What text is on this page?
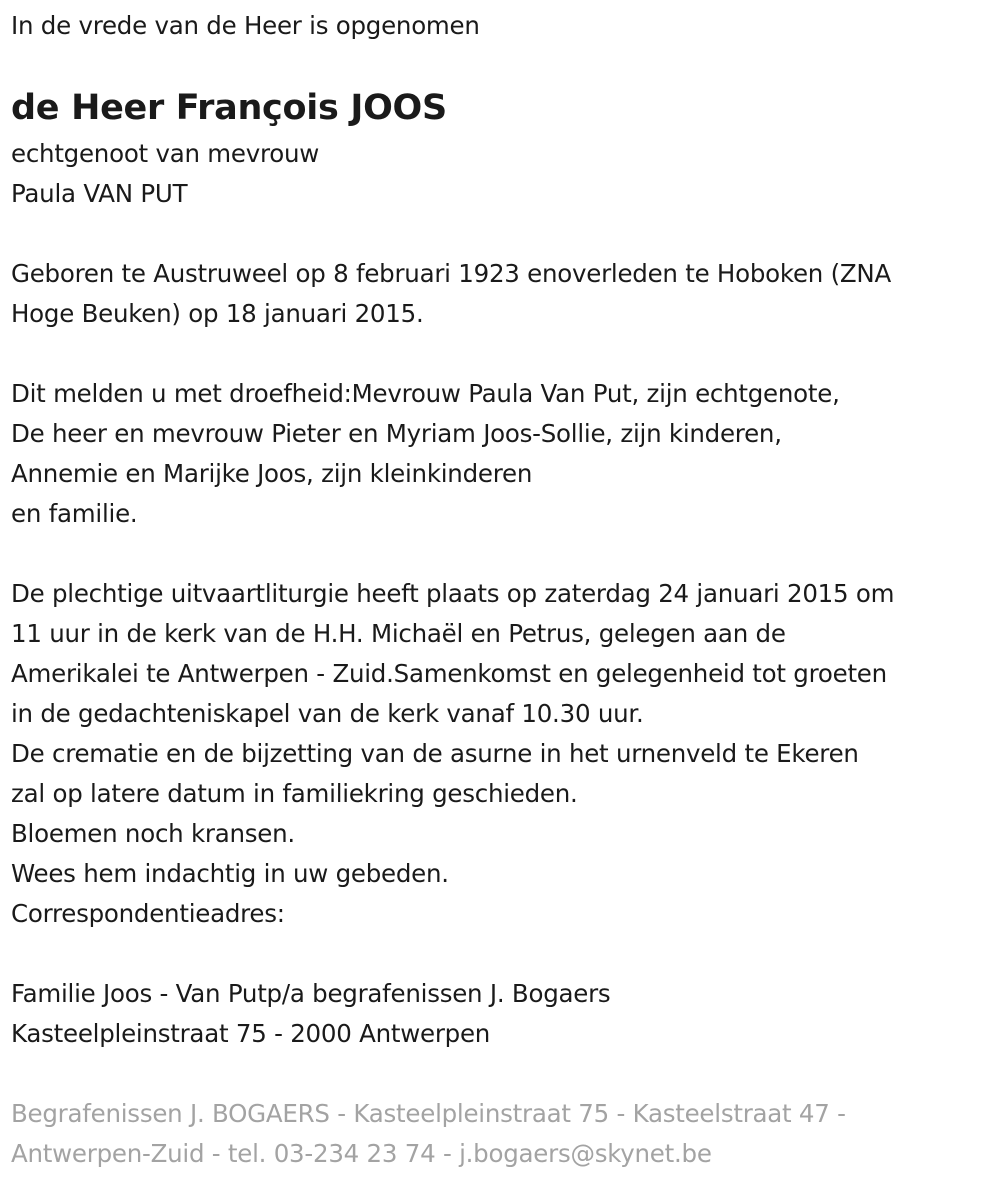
In de vrede van de Heer is opgenomen
de Heer François JOOS
echtgenoot van mevrouw
Paula VAN PUT
Geboren te Austruweel op 8 februari 1923 enoverleden te Hoboken (ZNA
Hoge Beuken) op 18 januari 2015.
Dit melden u met droefheid:Mevrouw Paula Van Put, zijn echtgenote,
De heer en mevrouw Pieter en Myriam Joos-Sollie, zijn kinderen,
Annemie en Marijke Joos, zijn kleinkinderen
en familie.
De plechtige uitvaartliturgie heeft plaats op zaterdag 24 januari 2015 om
11 uur in de kerk van de H.H. Michaël en Petrus, gelegen aan de
Amerikalei te Antwerpen - Zuid.Samenkomst en gelegenheid tot groeten
in de gedachteniskapel van de kerk vanaf 10.30 uur.
De crematie en de bijzetting van de asurne in het urnenveld te Ekeren
zal op latere datum in familiekring geschieden.
Bloemen noch kransen.
Wees hem indachtig in uw gebeden.
Correspondentieadres:
Familie Joos - Van Putp/a begrafenissen J. Bogaers
Kasteelpleinstraat 75 - 2000 Antwerpen
Begrafenissen J. BOGAERS - Kasteelpleinstraat 75 - Kasteelstraat 47 -
Antwerpen-Zuid - tel. 03-234 23 74 - j.bogaers@skynet.be
